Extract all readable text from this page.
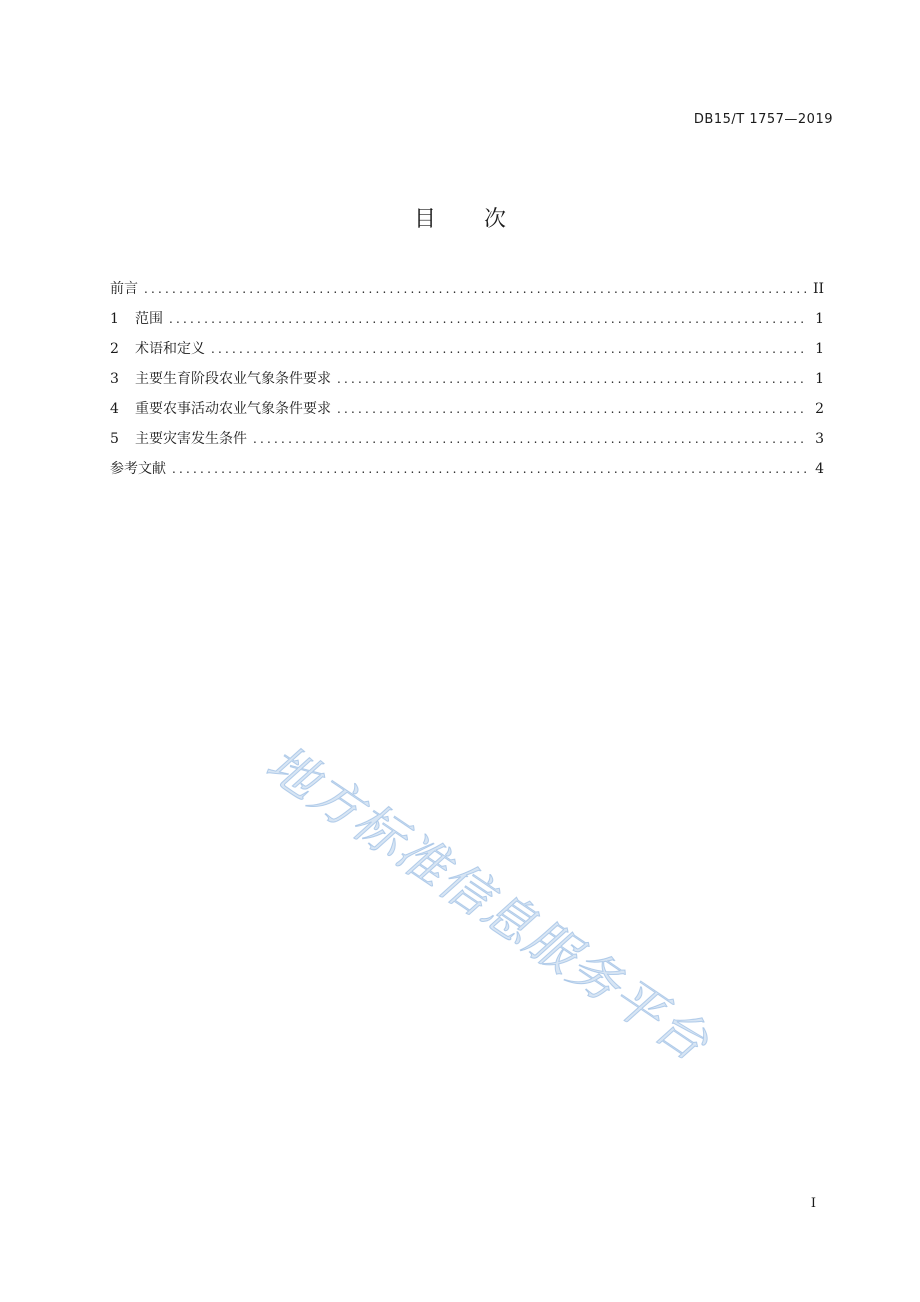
DB15/T 1757—2019
目 次
前言 .....	II
1	范围 .....	1
2	术语和定义 .....	1
3	主要生育阶段农业气象条件要求 .....	1
4	重要农事活动农业气象条件要求 .....	2
5	主要灾害发生条件 .....	3
参考文献 .....	4
地方标准信息服务平台
I
